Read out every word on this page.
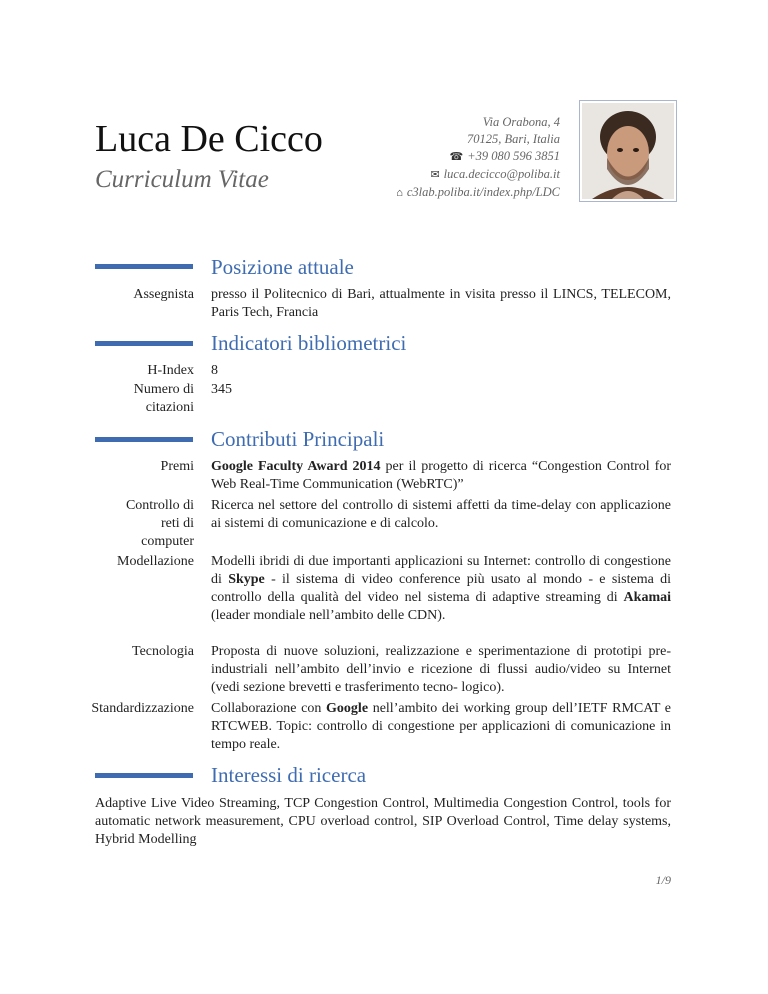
Luca De Cicco
Curriculum Vitae
Via Orabona, 4
70125, Bari, Italia
☎ +39 080 596 3851
✉ luca.decicco@poliba.it
⌂ c3lab.poliba.it/index.php/LDC
Posizione attuale
Assegnista presso il Politecnico di Bari, attualmente in visita presso il LINCS, TELECOM, Paris Tech, Francia
Indicatori bibliometrici
H-Index 8
Numero di citazioni
345
Contributi Principali
Premi Google Faculty Award 2014 per il progetto di ricerca “Congestion Control for Web Real-Time Communication (WebRTC)”
Controllo di reti di computer
Ricerca nel settore del controllo di sistemi affetti da time-delay con applicazione ai sistemi di comunicazione e di calcolo.
Modellazione Modelli ibridi di due importanti applicazioni su Internet: controllo di congestione di Skype - il sistema di video conference più usato al mondo - e sistema di controllo della qualità del video nel sistema di adaptive streaming di Akamai (leader mondiale nell’ambito delle CDN).
Tecnologia Proposta di nuove soluzioni, realizzazione e sperimentazione di prototipi pre-industriali nell’ambito dell’invio e ricezione di flussi audio/video su Internet (vedi sezione brevetti e trasferimento tecno- logico).
Standardizzazione Collaborazione con Google nell’ambito dei working group dell’IETF RMCAT e RTCWEB. Topic: controllo di congestione per applicazioni di comunicazione in tempo reale.
Interessi di ricerca
Adaptive Live Video Streaming, TCP Congestion Control, Multimedia Congestion Control, tools for automatic network measurement, CPU overload control, SIP Overload Control, Time delay systems, Hybrid Modelling
1/9
